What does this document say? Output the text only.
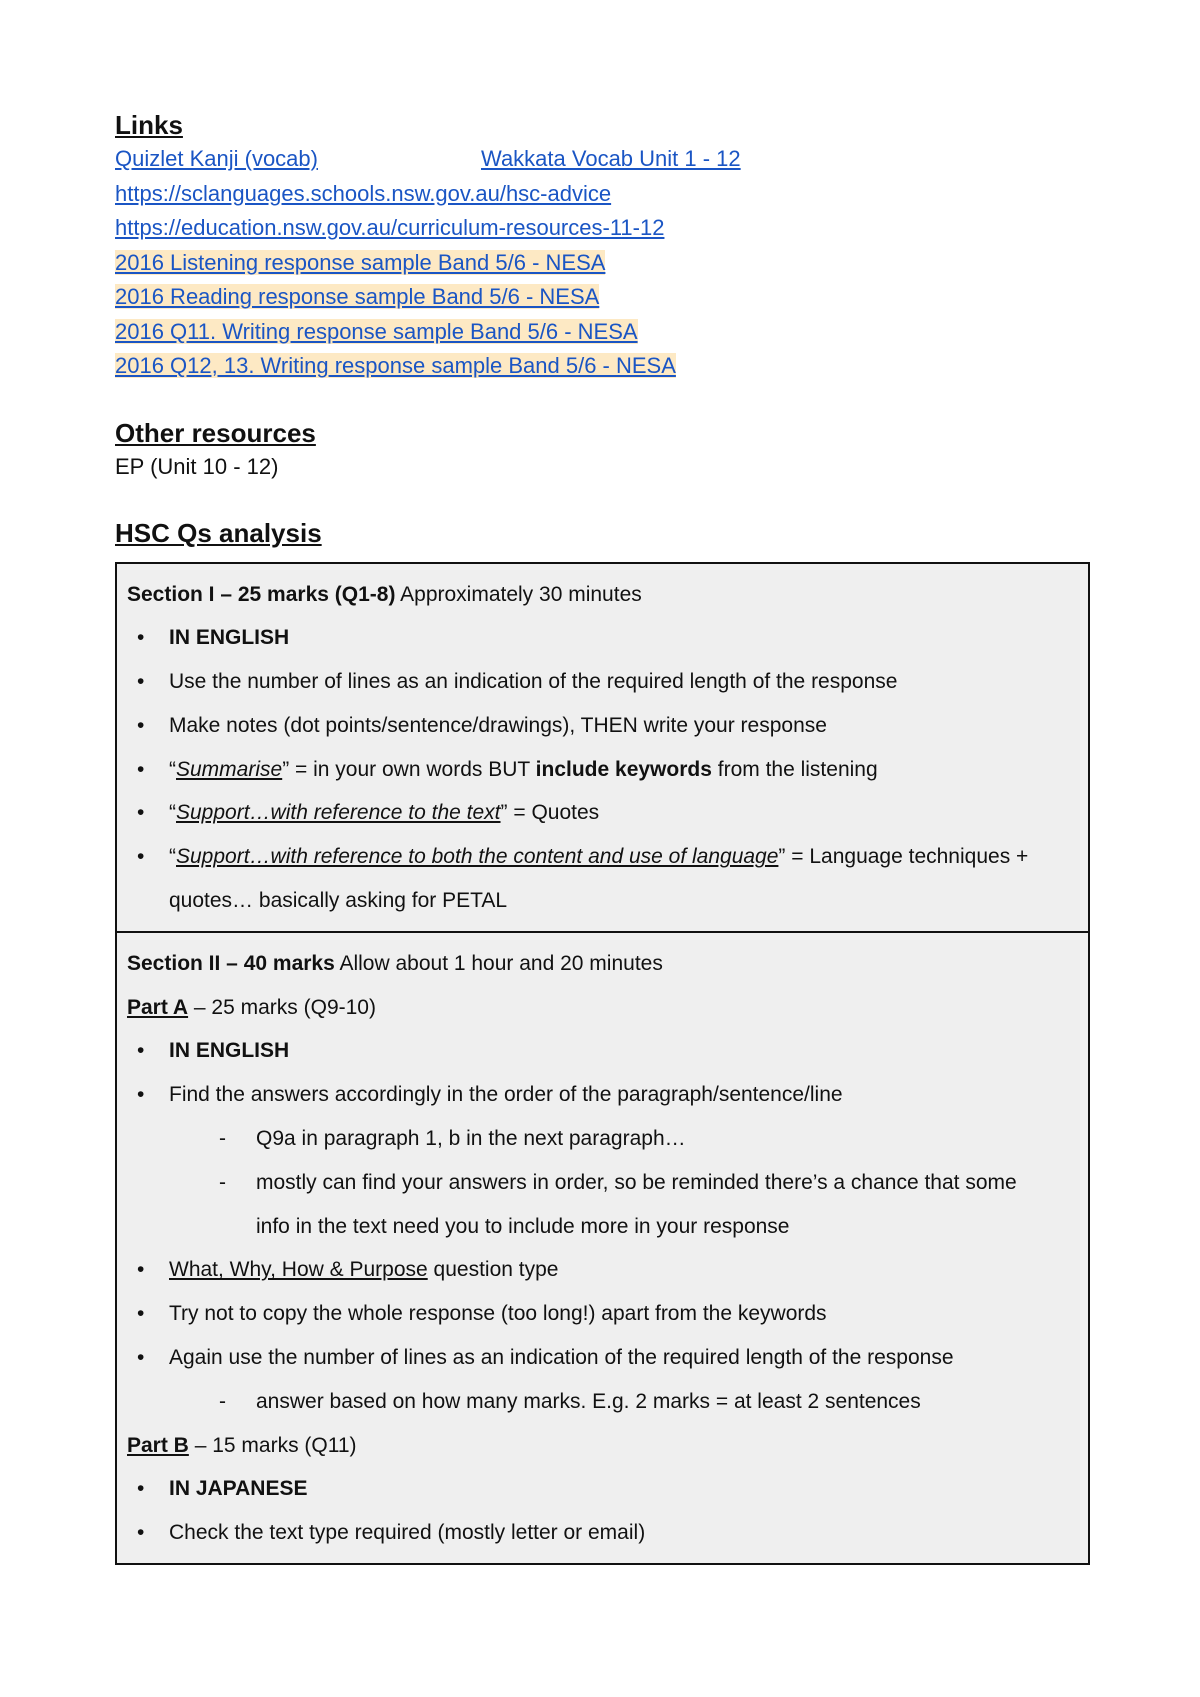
Links
Quizlet Kanji (vocab)	Wakkata Vocab Unit 1 - 12
https://sclanguages.schools.nsw.gov.au/hsc-advice
https://education.nsw.gov.au/curriculum-resources-11-12
2016 Listening response sample Band 5/6 - NESA
2016 Reading response sample Band 5/6 - NESA
2016 Q11. Writing response sample Band 5/6 - NESA
2016 Q12, 13. Writing response sample Band 5/6 - NESA
Other resources
EP (Unit 10 - 12)
HSC Qs analysis
Section I – 25 marks (Q1-8) Approximately 30 minutes
• IN ENGLISH
• Use the number of lines as an indication of the required length of the response
• Make notes (dot points/sentence/drawings), THEN write your response
• “Summarise” = in your own words BUT include keywords from the listening
• “Support…with reference to the text” = Quotes
• “Support…with reference to both the content and use of language” = Language techniques +
quotes… basically asking for PETAL
Section II – 40 marks Allow about 1 hour and 20 minutes
Part A – 25 marks (Q9-10)
• IN ENGLISH
• Find the answers accordingly in the order of the paragraph/sentence/line
- Q9a in paragraph 1, b in the next paragraph…
- mostly can find your answers in order, so be reminded there’s a chance that some
info in the text need you to include more in your response
• What, Why, How & Purpose question type
• Try not to copy the whole response (too long!) apart from the keywords
• Again use the number of lines as an indication of the required length of the response
- answer based on how many marks. E.g. 2 marks = at least 2 sentences
Part B – 15 marks (Q11)
• IN JAPANESE
• Check the text type required (mostly letter or email)
